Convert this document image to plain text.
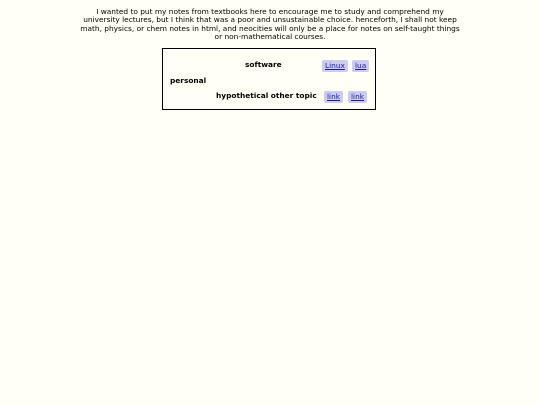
I wanted to put my notes from textbooks here to encourage me to study and comprehend my university lectures, but I think that was a poor and unsustainable choice. henceforth, I shall not keep math, physics, or chem notes in html, and neocities will only be a place for notes on self-taught things or non-mathematical courses.

software	Linux	lua

personal

hypothetical other topic	link	link
